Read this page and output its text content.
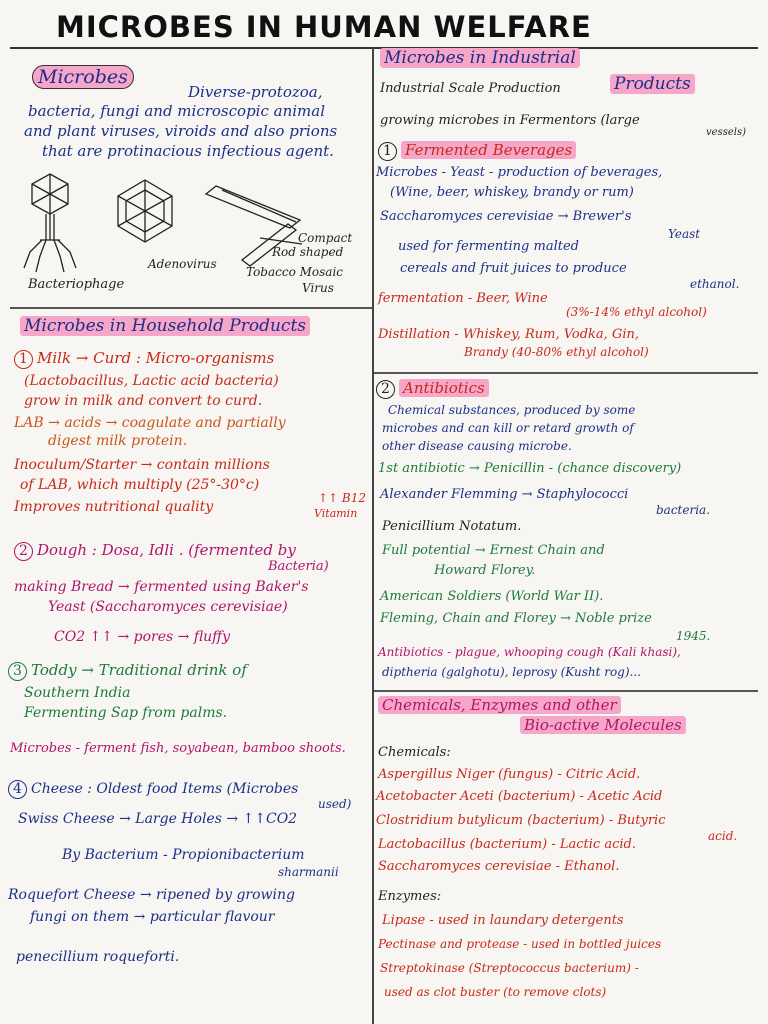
MICROBES IN HUMAN WELFARE
Microbes
Diverse-protozoa,
bacteria, fungi and microscopic animal
and plant viruses, viroids and also prions
that are protinacious infectious agent.
Bacteriophage
Adenovirus
Compact
Rod shaped
Tobacco Mosaic
Virus
Microbes in Household Products
1 Milk → Curd : Micro-organisms
(Lactobacillus, Lactic acid bacteria)
grow in milk and convert to curd.
LAB → acids → coagulate and partially
digest milk protein.
Inoculum/Starter → contain millions
of LAB, which multiply (25°-30°c)
Improves nutritional quality
↑↑ B12
Vitamin
2 Dough : Dosa, Idli . (fermented by
Bacteria)
making Bread → fermented using Baker's
Yeast (Saccharomyces cerevisiae)
CO2 ↑↑ → pores → fluffy
3 Toddy → Traditional drink of
Southern India
Fermenting Sap from palms.
Microbes - ferment fish, soyabean, bamboo shoots.
4 Cheese : Oldest food Items (Microbes
used)
Swiss Cheese → Large Holes → ↑↑CO2
By Bacterium - Propionibacterium
sharmanii
Roquefort Cheese → ripened by growing
fungi on them → particular flavour
penecillium roqueforti.
Microbes in Industrial
Products
Industrial Scale Production
growing microbes in Fermentors (large
vessels)
1 Fermented Beverages
Microbes - Yeast - production of beverages,
(Wine, beer, whiskey, brandy or rum)
Saccharomyces cerevisiae → Brewer's
Yeast
used for fermenting malted
cereals and fruit juices to produce
ethanol.
fermentation - Beer, Wine
(3%-14% ethyl alcohol)
Distillation - Whiskey, Rum, Vodka, Gin,
Brandy (40-80% ethyl alcohol)
2 Antibiotics
Chemical substances, produced by some
microbes and can kill or retard growth of
other disease causing microbe.
1st antibiotic → Penicillin - (chance discovery)
Alexander Flemming → Staphylococci
bacteria.
Penicillium Notatum.
Full potential → Ernest Chain and
Howard Florey.
American Soldiers (World War II).
Fleming, Chain and Florey → Noble prize
1945.
Antibiotics - plague, whooping cough (Kali khasi),
diptheria (galghotu), leprosy (Kusht rog)...
Chemicals, Enzymes and other
Bio-active Molecules
Chemicals:
Aspergillus Niger (fungus) - Citric Acid.
Acetobacter Aceti (bacterium) - Acetic Acid
Clostridium butylicum (bacterium) - Butyric
acid.
Lactobacillus (bacterium) - Lactic acid.
Saccharomyces cerevisiae - Ethanol.
Enzymes:
Lipase - used in laundary detergents
Pectinase and protease - used in bottled juices
Streptokinase (Streptococcus bacterium) -
used as clot buster (to remove clots)
